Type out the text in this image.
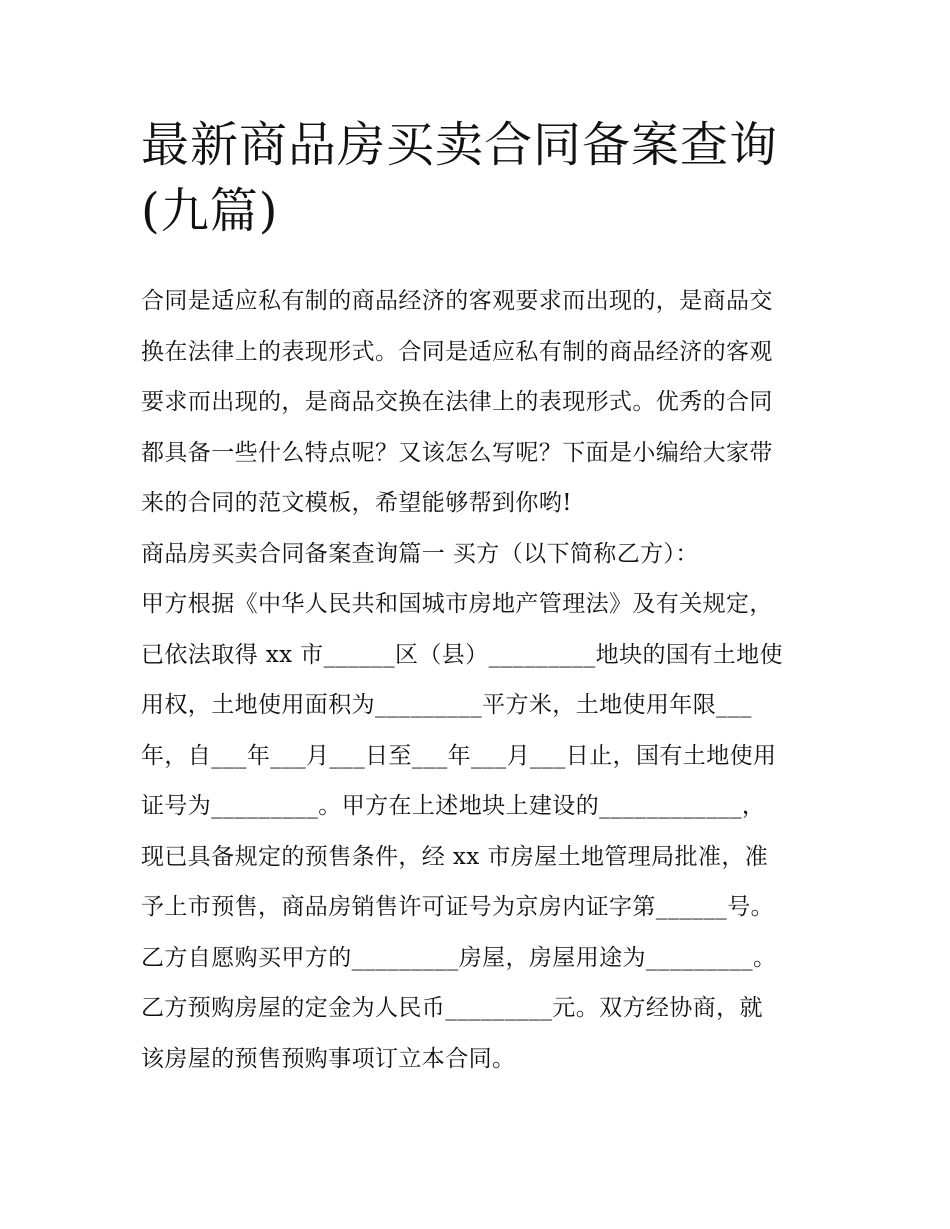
最新商品房买卖合同备案查询
(九篇)

合同是适应私有制的商品经济的客观要求而出现的，是商品交

换在法律上的表现形式。合同是适应私有制的商品经济的客观

要求而出现的，是商品交换在法律上的表现形式。优秀的合同

都具备一些什么特点呢？又该怎么写呢？下面是小编给大家带

来的合同的范文模板，希望能够帮到你哟!

商品房买卖合同备案查询篇一 买方（以下简称乙方）：

甲方根据《中华人民共和国城市房地产管理法》及有关规定，

已依法取得 xx 市______区（县）_________地块的国有土地使

用权，土地使用面积为_________平方米，土地使用年限___

年，自___年___月___日至___年___月___日止，国有土地使用

证号为_________。甲方在上述地块上建设的____________，

现已具备规定的预售条件，经 xx 市房屋土地管理局批准，准

予上市预售，商品房销售许可证号为京房内证字第______号。

乙方自愿购买甲方的_________房屋，房屋用途为_________。

乙方预购房屋的定金为人民币_________元。双方经协商，就

该房屋的预售预购事项订立本合同。
